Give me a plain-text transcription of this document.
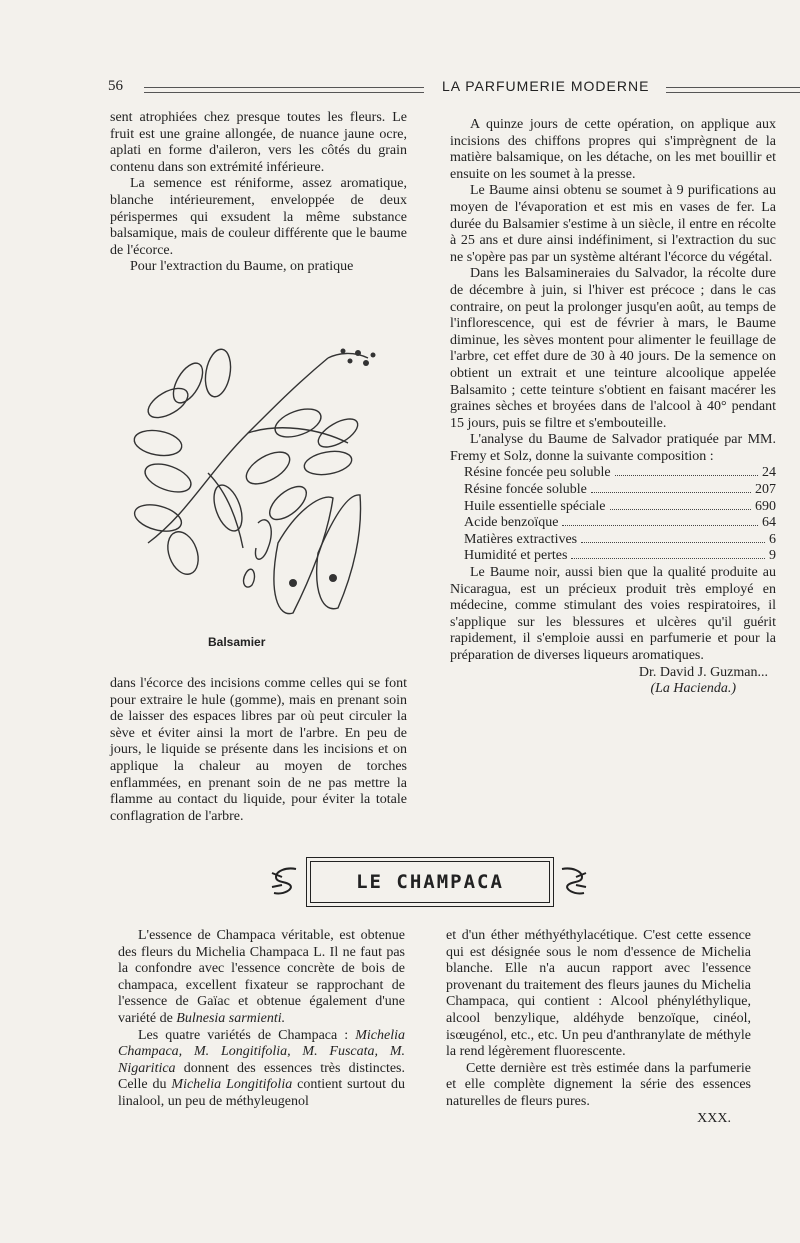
56	LA PARFUMERIE MODERNE

sent atrophiées chez presque toutes les fleurs. Le fruit est une graine allongée, de nuance jaune ocre, aplati en forme d'aileron, vers les côtés du grain contenu dans son extrémité inférieure.

La semence est réniforme, assez aromatique, blanche intérieurement, enveloppée de deux périspermes qui exsudent la même substance balsamique, mais de couleur différente que le baume de l'écorce.

Pour l'extraction du Baume, on pratique

Balsamier

dans l'écorce des incisions comme celles qui se font pour extraire le hule (gomme), mais en prenant soin de laisser des espaces libres par où peut circuler la sève et éviter ainsi la mort de l'arbre. En peu de jours, le liquide se présente dans les incisions et on applique la chaleur au moyen de torches enflammées, en prenant soin de ne pas mettre la flamme au contact du liquide, pour éviter la totale conflagration de l'arbre.

A quinze jours de cette opération, on applique aux incisions des chiffons propres qui s'imprègnent de la matière balsamique, on les détache, on les met bouillir et ensuite on les soumet à la presse.

Le Baume ainsi obtenu se soumet à 9 purifications au moyen de l'évaporation et est mis en vases de fer. La durée du Balsamier s'estime à un siècle, il entre en récolte à 25 ans et dure ainsi indéfiniment, si l'extraction du suc ne s'opère pas par un système altérant l'écorce du végétal.

Dans les Balsamineraies du Salvador, la récolte dure de décembre à juin, si l'hiver est précoce ; dans le cas contraire, on peut la prolonger jusqu'en août, au temps de l'inflorescence, qui est de février à mars, le Baume diminue, les sèves montent pour alimenter le feuillage de l'arbre, cet effet dure de 30 à 40 jours. De la semence on obtient un extrait et une teinture alcoolique appelée Balsamito ; cette teinture s'obtient en faisant macérer les graines sèches et broyées dans de l'alcool à 40° pendant 15 jours, puis se filtre et s'embouteille.

L'analyse du Baume de Salvador pratiquée par MM. Fremy et Solz, donne la suivante composition :

Résine foncée peu soluble	24
Résine foncée soluble	207
Huile essentielle spéciale	690
Acide benzoïque	64
Matières extractives	6
Humidité et pertes	9

Le Baume noir, aussi bien que la qualité produite au Nicaragua, est un précieux produit très employé en médecine, comme stimulant des voies respiratoires, il s'applique sur les blessures et ulcères qu'il guérit rapidement, il s'emploie aussi en parfumerie et pour la préparation de diverses liqueurs aromatiques.

Dr. David J. Guzman...
(La Hacienda.)
LE CHAMPACA

L'essence de Champaca véritable, est obtenue des fleurs du Michelia Champaca L. Il ne faut pas la confondre avec l'essence concrète de bois de champaca, excellent fixateur se rapprochant de l'essence de Gaïac et obtenue également d'une variété de Bulnesia sarmienti.

Les quatre variétés de Champaca : Michelia Champaca, M. Longitifolia, M. Fuscata, M. Nigaritica donnent des essences très distinctes. Celle du Michelia Longitifolia contient surtout du linalool, un peu de méthyleugenol

et d'un éther méthyéthylacétique. C'est cette essence qui est désignée sous le nom d'essence de Michelia blanche. Elle n'a aucun rapport avec l'essence provenant du traitement des fleurs jaunes du Michelia Champaca, qui contient : Alcool phényléthylique, alcool benzylique, aldéhyde benzoïque, cinéol, isœugénol, etc., etc. Un peu d'anthranylate de méthyle la rend légèrement fluorescente.

Cette dernière est très estimée dans la parfumerie et elle complète dignement la série des essences naturelles de fleurs pures.

XXX.
